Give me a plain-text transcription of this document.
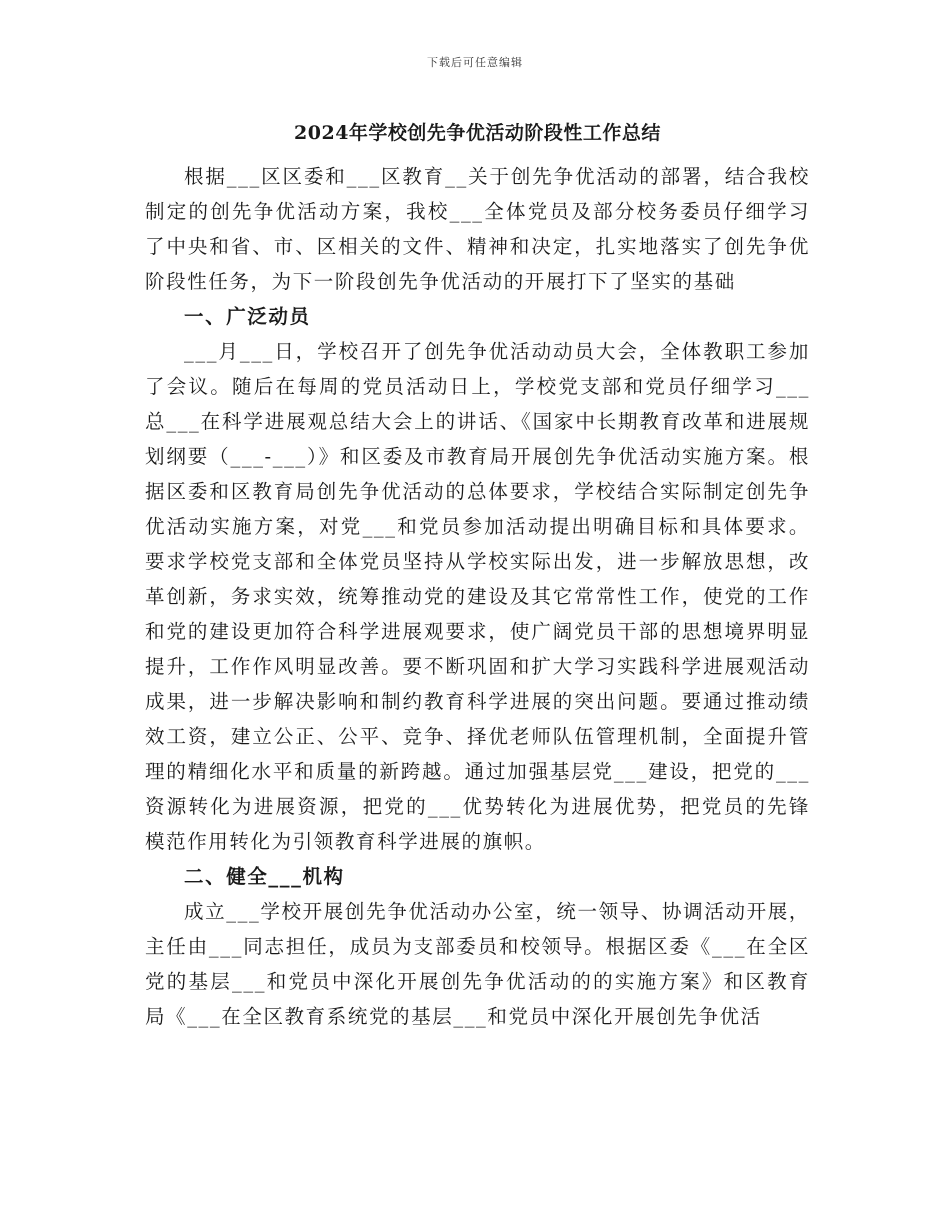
下载后可任意编辑
2024年学校创先争优活动阶段性工作总结

根据___区区委和___区教育__关于创先争优活动的部署，结合我校制定的创先争优活动方案，我校___全体党员及部分校务委员仔细学习了中央和省、市、区相关的文件、精神和决定，扎实地落实了创先争优阶段性任务，为下一阶段创先争优活动的开展打下了坚实的基础

一、广泛动员

___月___日，学校召开了创先争优活动动员大会，全体教职工参加了会议。随后在每周的党员活动日上，学校党支部和党员仔细学习___总___在科学进展观总结大会上的讲话、《国家中长期教育改革和进展规划纲要（___-___）》和区委及市教育局开展创先争优活动实施方案。根据区委和区教育局创先争优活动的总体要求，学校结合实际制定创先争优活动实施方案，对党___和党员参加活动提出明确目标和具体要求。要求学校党支部和全体党员坚持从学校实际出发，进一步解放思想，改革创新，务求实效，统筹推动党的建设及其它常常性工作，使党的工作和党的建设更加符合科学进展观要求，使广阔党员干部的思想境界明显提升，工作作风明显改善。要不断巩固和扩大学习实践科学进展观活动成果，进一步解决影响和制约教育科学进展的突出问题。要通过推动绩效工资，建立公正、公平、竞争、择优老师队伍管理机制，全面提升管理的精细化水平和质量的新跨越。通过加强基层党___建设，把党的___资源转化为进展资源，把党的___优势转化为进展优势，把党员的先锋模范作用转化为引领教育科学进展的旗帜。

二、健全___机构

成立___学校开展创先争优活动办公室，统一领导、协调活动开展，主任由___同志担任，成员为支部委员和校领导。根据区委《___在全区党的基层___和党员中深化开展创先争优活动的的实施方案》和区教育局《___在全区教育系统党的基层___和党员中深化开展创先争优活
